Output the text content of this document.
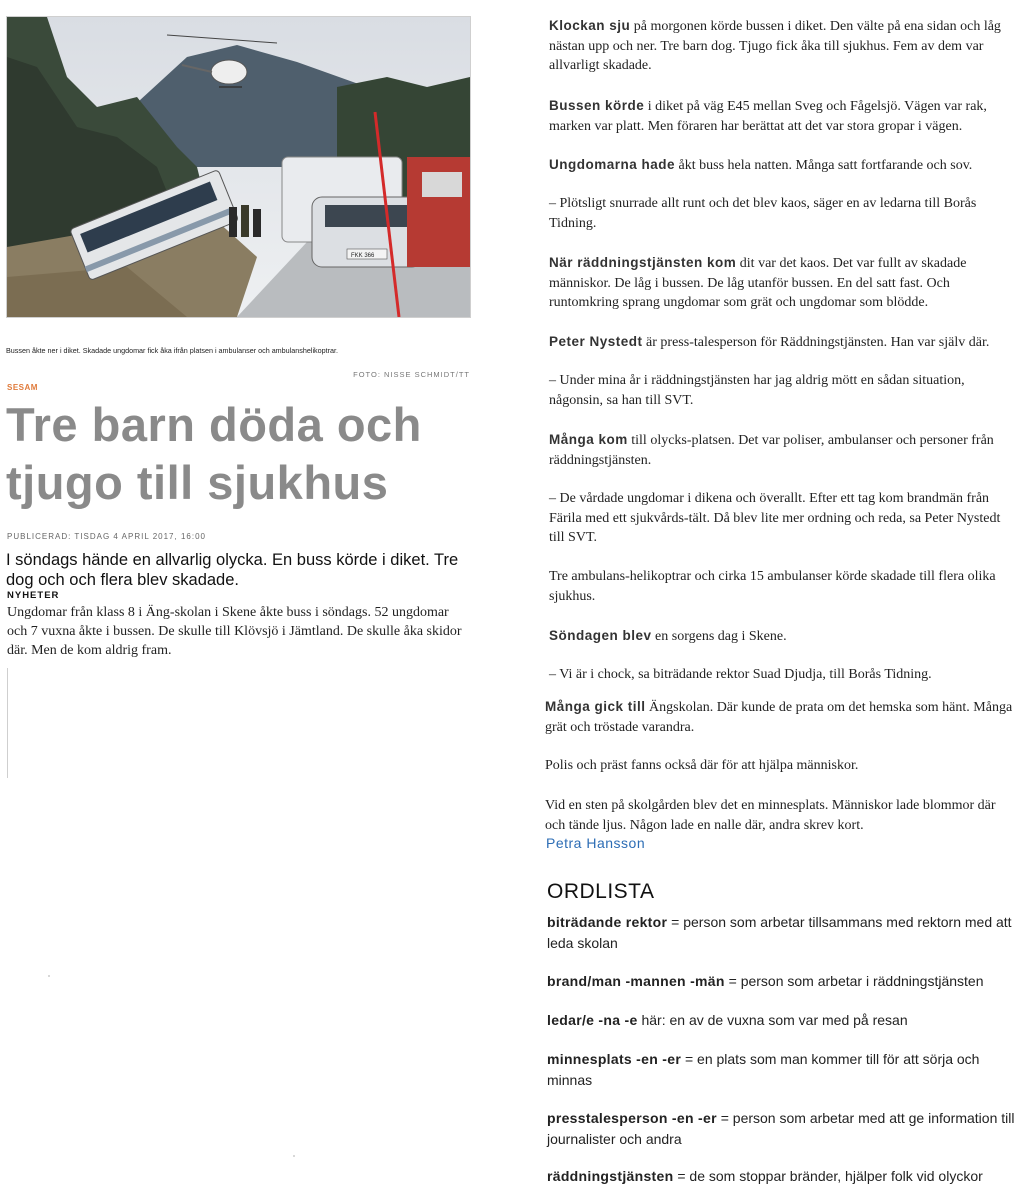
FKK 366
Bussen åkte ner i diket. Skadade ungdomar fick åka ifrån platsen i ambulanser och ambulanshelikoptrar.
FOTO: NISSE SCHMIDT/TT
SESAM
Tre barn döda och
tjugo till sjukhus
PUBLICERAD: TISDAG 4 APRIL 2017, 16:00
I söndags hände en allvarlig olycka. En buss körde i diket. Tre dog och och flera blev skadade.
NYHETER
Ungdomar från klass 8 i Äng-skolan i Skene åkte buss i söndags. 52 ungdomar och 7 vuxna åkte i bussen. De skulle till Klövsjö i Jämtland. De skulle åka skidor där. Men de kom aldrig fram.
Klockan sju på morgonen körde bussen i diket. Den välte på ena sidan och låg nästan upp och ner. Tre barn dog. Tjugo fick åka till sjukhus. Fem av dem var allvarligt skadade.
Bussen körde i diket på väg E45 mellan Sveg och Fågelsjö. Vägen var rak, marken var platt. Men föraren har berättat att det var stora gropar i vägen.
Ungdomarna hade åkt buss hela natten. Många satt fortfarande och sov.
– Plötsligt snurrade allt runt och det blev kaos, säger en av ledarna till Borås Tidning.
När räddningstjänsten kom dit var det kaos. Det var fullt av skadade människor. De låg i bussen. De låg utanför bussen. En del satt fast. Och runtomkring sprang ungdomar som grät och ungdomar som blödde.
Peter Nystedt är press-talesperson för Räddningstjänsten. Han var själv där.
– Under mina år i räddningstjänsten har jag aldrig mött en sådan situation, någonsin, sa han till SVT.
Många kom till olycks-platsen. Det var poliser, ambulanser och personer från räddningstjänsten.
– De vårdade ungdomar i dikena och överallt. Efter ett tag kom brandmän från Färila med ett sjukvårds-tält. Då blev lite mer ordning och reda, sa Peter Nystedt till SVT.
Tre ambulans-helikoptrar och cirka 15 ambulanser körde skadade till flera olika sjukhus.
Söndagen blev en sorgens dag i Skene.
– Vi är i chock, sa biträdande rektor Suad Djudja, till Borås Tidning.
Många gick till Ängskolan. Där kunde de prata om det hemska som hänt. Många grät och tröstade varandra.
Polis och präst fanns också där för att hjälpa människor.
Vid en sten på skolgården blev det en minnesplats. Människor lade blommor där och tände ljus. Någon lade en nalle där, andra skrev kort.
Petra Hansson
ORDLISTA
biträdande rektor = person som arbetar tillsammans med rektorn med att leda skolan
brand/man -mannen -män = person som arbetar i räddningstjänsten
ledar/e -na -e här: en av de vuxna som var med på resan
minnesplats -en -er = en plats som man kommer till för att sörja och minnas
presstalesperson -en -er = person som arbetar med att ge information till journalister och andra
räddningstjänsten = de som stoppar bränder, hjälper folk vid olyckor
